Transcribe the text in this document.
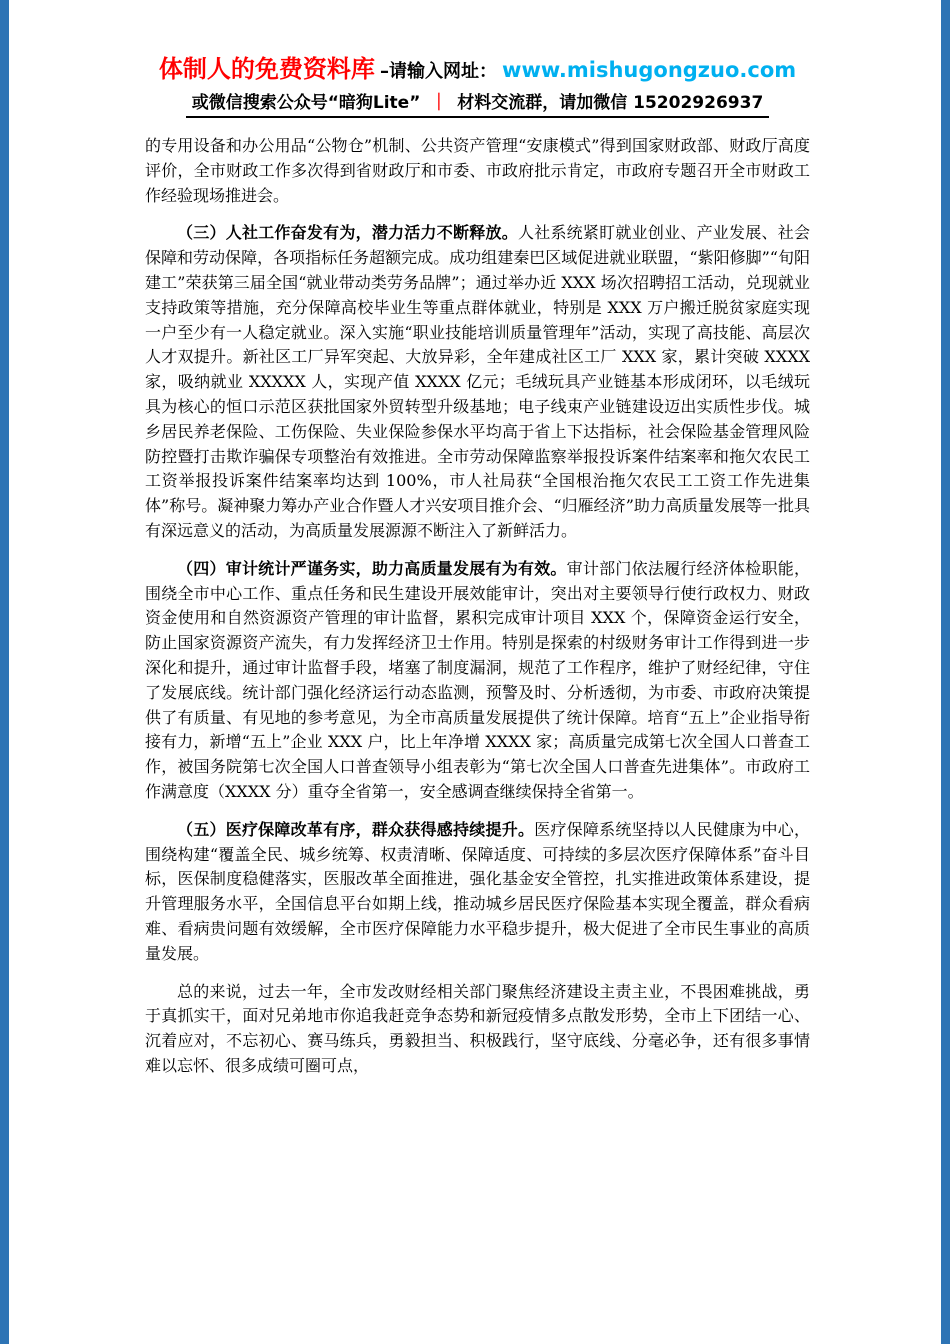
体制人的免费资料库 –请输入网址： www.mishugongzuo.com
或微信搜索公众号“暗狗Lite” ｜ 材料交流群，请加微信 15202926937

的专用设备和办公用品“公物仓”机制、公共资产管理“安康模式”得到国家财政部、财政厅高度评价，全市财政工作多次得到省财政厅和市委、市政府批示肯定，市政府专题召开全市财政工作经验现场推进会。

（三）人社工作奋发有为，潜力活力不断释放。人社系统紧盯就业创业、产业发展、社会保障和劳动保障，各项指标任务超额完成。成功组建秦巴区域促进就业联盟，“紫阳修脚”“旬阳建工”荣获第三届全国“就业带动类劳务品牌”；通过举办近 XXX 场次招聘招工活动，兑现就业支持政策等措施，充分保障高校毕业生等重点群体就业，特别是 XXX 万户搬迁脱贫家庭实现一户至少有一人稳定就业。深入实施“职业技能培训质量管理年”活动，实现了高技能、高层次人才双提升。新社区工厂异军突起、大放异彩，全年建成社区工厂 XXX 家，累计突破 XXXX 家，吸纳就业 XXXXX 人，实现产值 XXXX 亿元；毛绒玩具产业链基本形成闭环，以毛绒玩具为核心的恒口示范区获批国家外贸转型升级基地；电子线束产业链建设迈出实质性步伐。城乡居民养老保险、工伤保险、失业保险参保水平均高于省上下达指标，社会保险基金管理风险防控暨打击欺诈骗保专项整治有效推进。全市劳动保障监察举报投诉案件结案率和拖欠农民工工资举报投诉案件结案率均达到 100%，市人社局获“全国根治拖欠农民工工资工作先进集体”称号。凝神聚力筹办产业合作暨人才兴安项目推介会、“归雁经济”助力高质量发展等一批具有深远意义的活动，为高质量发展源源不断注入了新鲜活力。

（四）审计统计严谨务实，助力高质量发展有为有效。审计部门依法履行经济体检职能，围绕全市中心工作、重点任务和民生建设开展效能审计，突出对主要领导行使行政权力、财政资金使用和自然资源资产管理的审计监督，累积完成审计项目 XXX 个，保障资金运行安全，防止国家资源资产流失，有力发挥经济卫士作用。特别是探索的村级财务审计工作得到进一步深化和提升，通过审计监督手段，堵塞了制度漏洞，规范了工作程序，维护了财经纪律，守住了发展底线。统计部门强化经济运行动态监测，预警及时、分析透彻，为市委、市政府决策提供了有质量、有见地的参考意见，为全市高质量发展提供了统计保障。培育“五上”企业指导衔接有力，新增“五上”企业 XXX 户，比上年净增 XXXX 家；高质量完成第七次全国人口普查工作，被国务院第七次全国人口普查领导小组表彰为“第七次全国人口普查先进集体”。市政府工作满意度（XXXX 分）重夺全省第一，安全感调查继续保持全省第一。

（五）医疗保障改革有序，群众获得感持续提升。医疗保障系统坚持以人民健康为中心，围绕构建“覆盖全民、城乡统筹、权责清晰、保障适度、可持续的多层次医疗保障体系”奋斗目标，医保制度稳健落实，医服改革全面推进，强化基金安全管控，扎实推进政策体系建设，提升管理服务水平，全国信息平台如期上线，推动城乡居民医疗保险基本实现全覆盖，群众看病难、看病贵问题有效缓解，全市医疗保障能力水平稳步提升，极大促进了全市民生事业的高质量发展。

总的来说，过去一年，全市发改财经相关部门聚焦经济建设主责主业，不畏困难挑战，勇于真抓实干，面对兄弟地市你追我赶竞争态势和新冠疫情多点散发形势，全市上下团结一心、沉着应对，不忘初心、赛马练兵，勇毅担当、积极践行，坚守底线、分毫必争，还有很多事情难以忘怀、很多成绩可圈可点，
